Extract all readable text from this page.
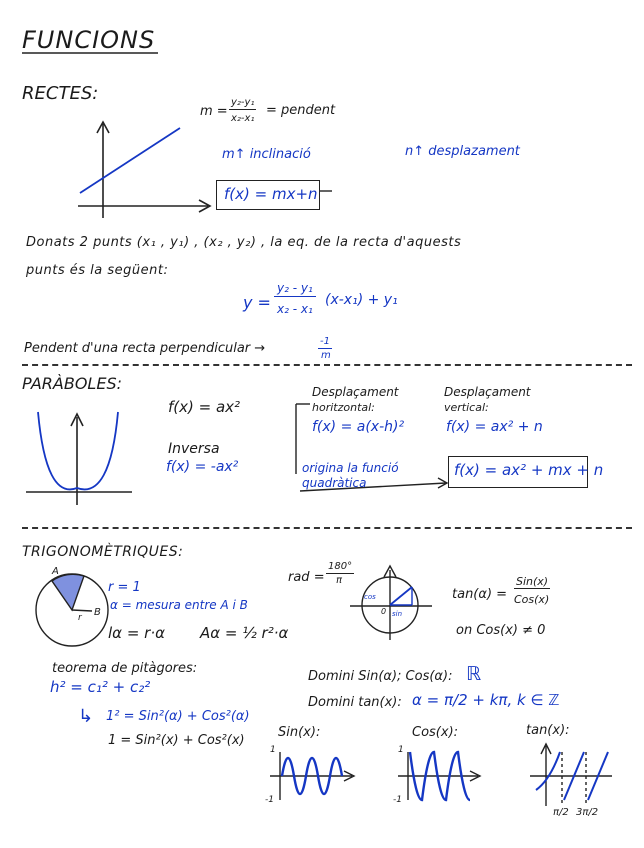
FUNCIONS
RECTES:
m =
y₂-y₁
x₂-x₁
= pendent
m↑ inclinació	n↑ desplazament
f(x) = mx+n
Donats 2 punts (x₁ , y₁) , (x₂ , y₂) , la eq. de la recta d'aquests
punts és la següent:
y =
y₂ - y₁
x₂ - x₁
(x-x₁) + y₁
Pendent d'una recta perpendicular →	-1
m
PARÀBOLES:
f(x) = ax²
Inversa
f(x) = -ax²
Desplaçament
horitzontal:
f(x) = a(x-h)²
Desplaçament
vertical:
f(x) = ax² + n
origina la funció
quadràtica
f(x) = ax² + mx + n
TRIGONOMÈTRIQUES:
A
B
r
r = 1
α = mesura entre A i B
lα = r·α Aα = ½ r²·α
rad =
180°
π
cos
sin
0
tan(α) =
Sin(x)
Cos(x)
on Cos(x) ≠ 0
teorema de pitàgores:
h² = c₁² + c₂²
↳ 1² = Sin²(α) + Cos²(α)
1 = Sin²(x) + Cos²(x)
Domini Sin(α); Cos(α): ℝ
Domini tan(x): α = π/2 + kπ, k ∈ ℤ
Sin(x):	Cos(x):	tan(x):
1
-1
1
-1
π/2 3π/2
